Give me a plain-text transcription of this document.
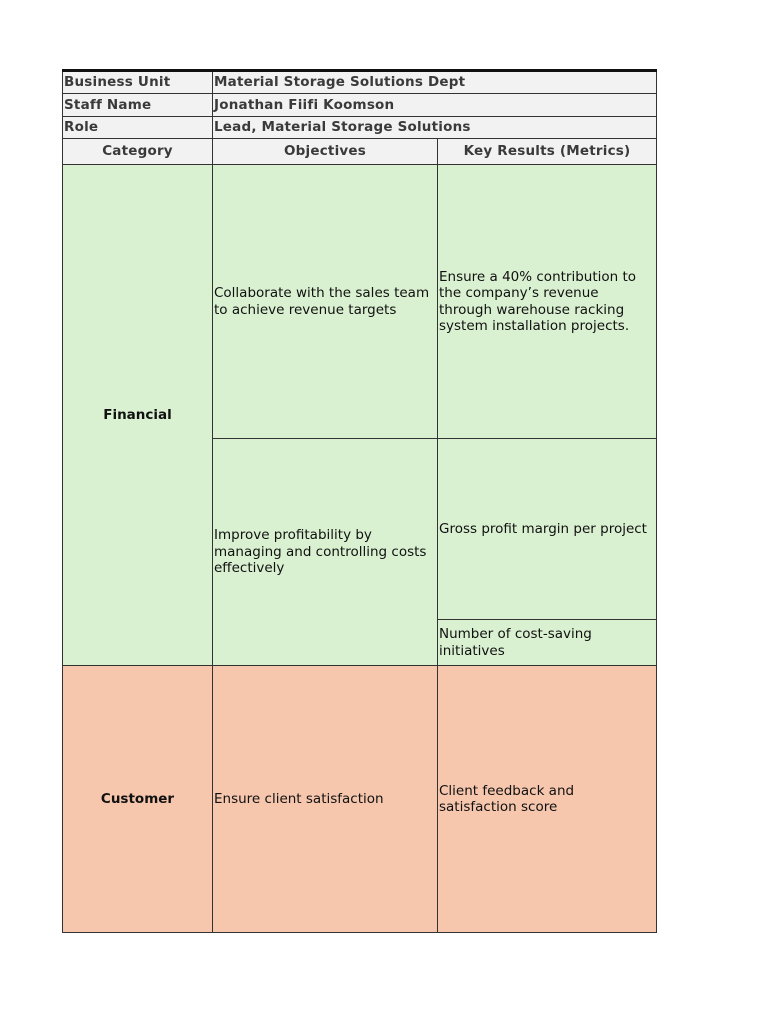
Business Unit	Material Storage Solutions Dept	
Staff Name	Jonathan Fiifi Koomson	
Role	Lead, Material Storage Solutions	
Category	Objectives	Key Results (Metrics)
Financial	Collaborate with the sales team to achieve revenue targets	Ensure a 40% contribution to the company’s revenue through warehouse racking system installation projects.
	Improve profitability by managing and controlling costs effectively	Gross profit margin per project
		Number of cost-saving initiatives
Customer	Ensure client satisfaction	Client feedback and satisfaction score
